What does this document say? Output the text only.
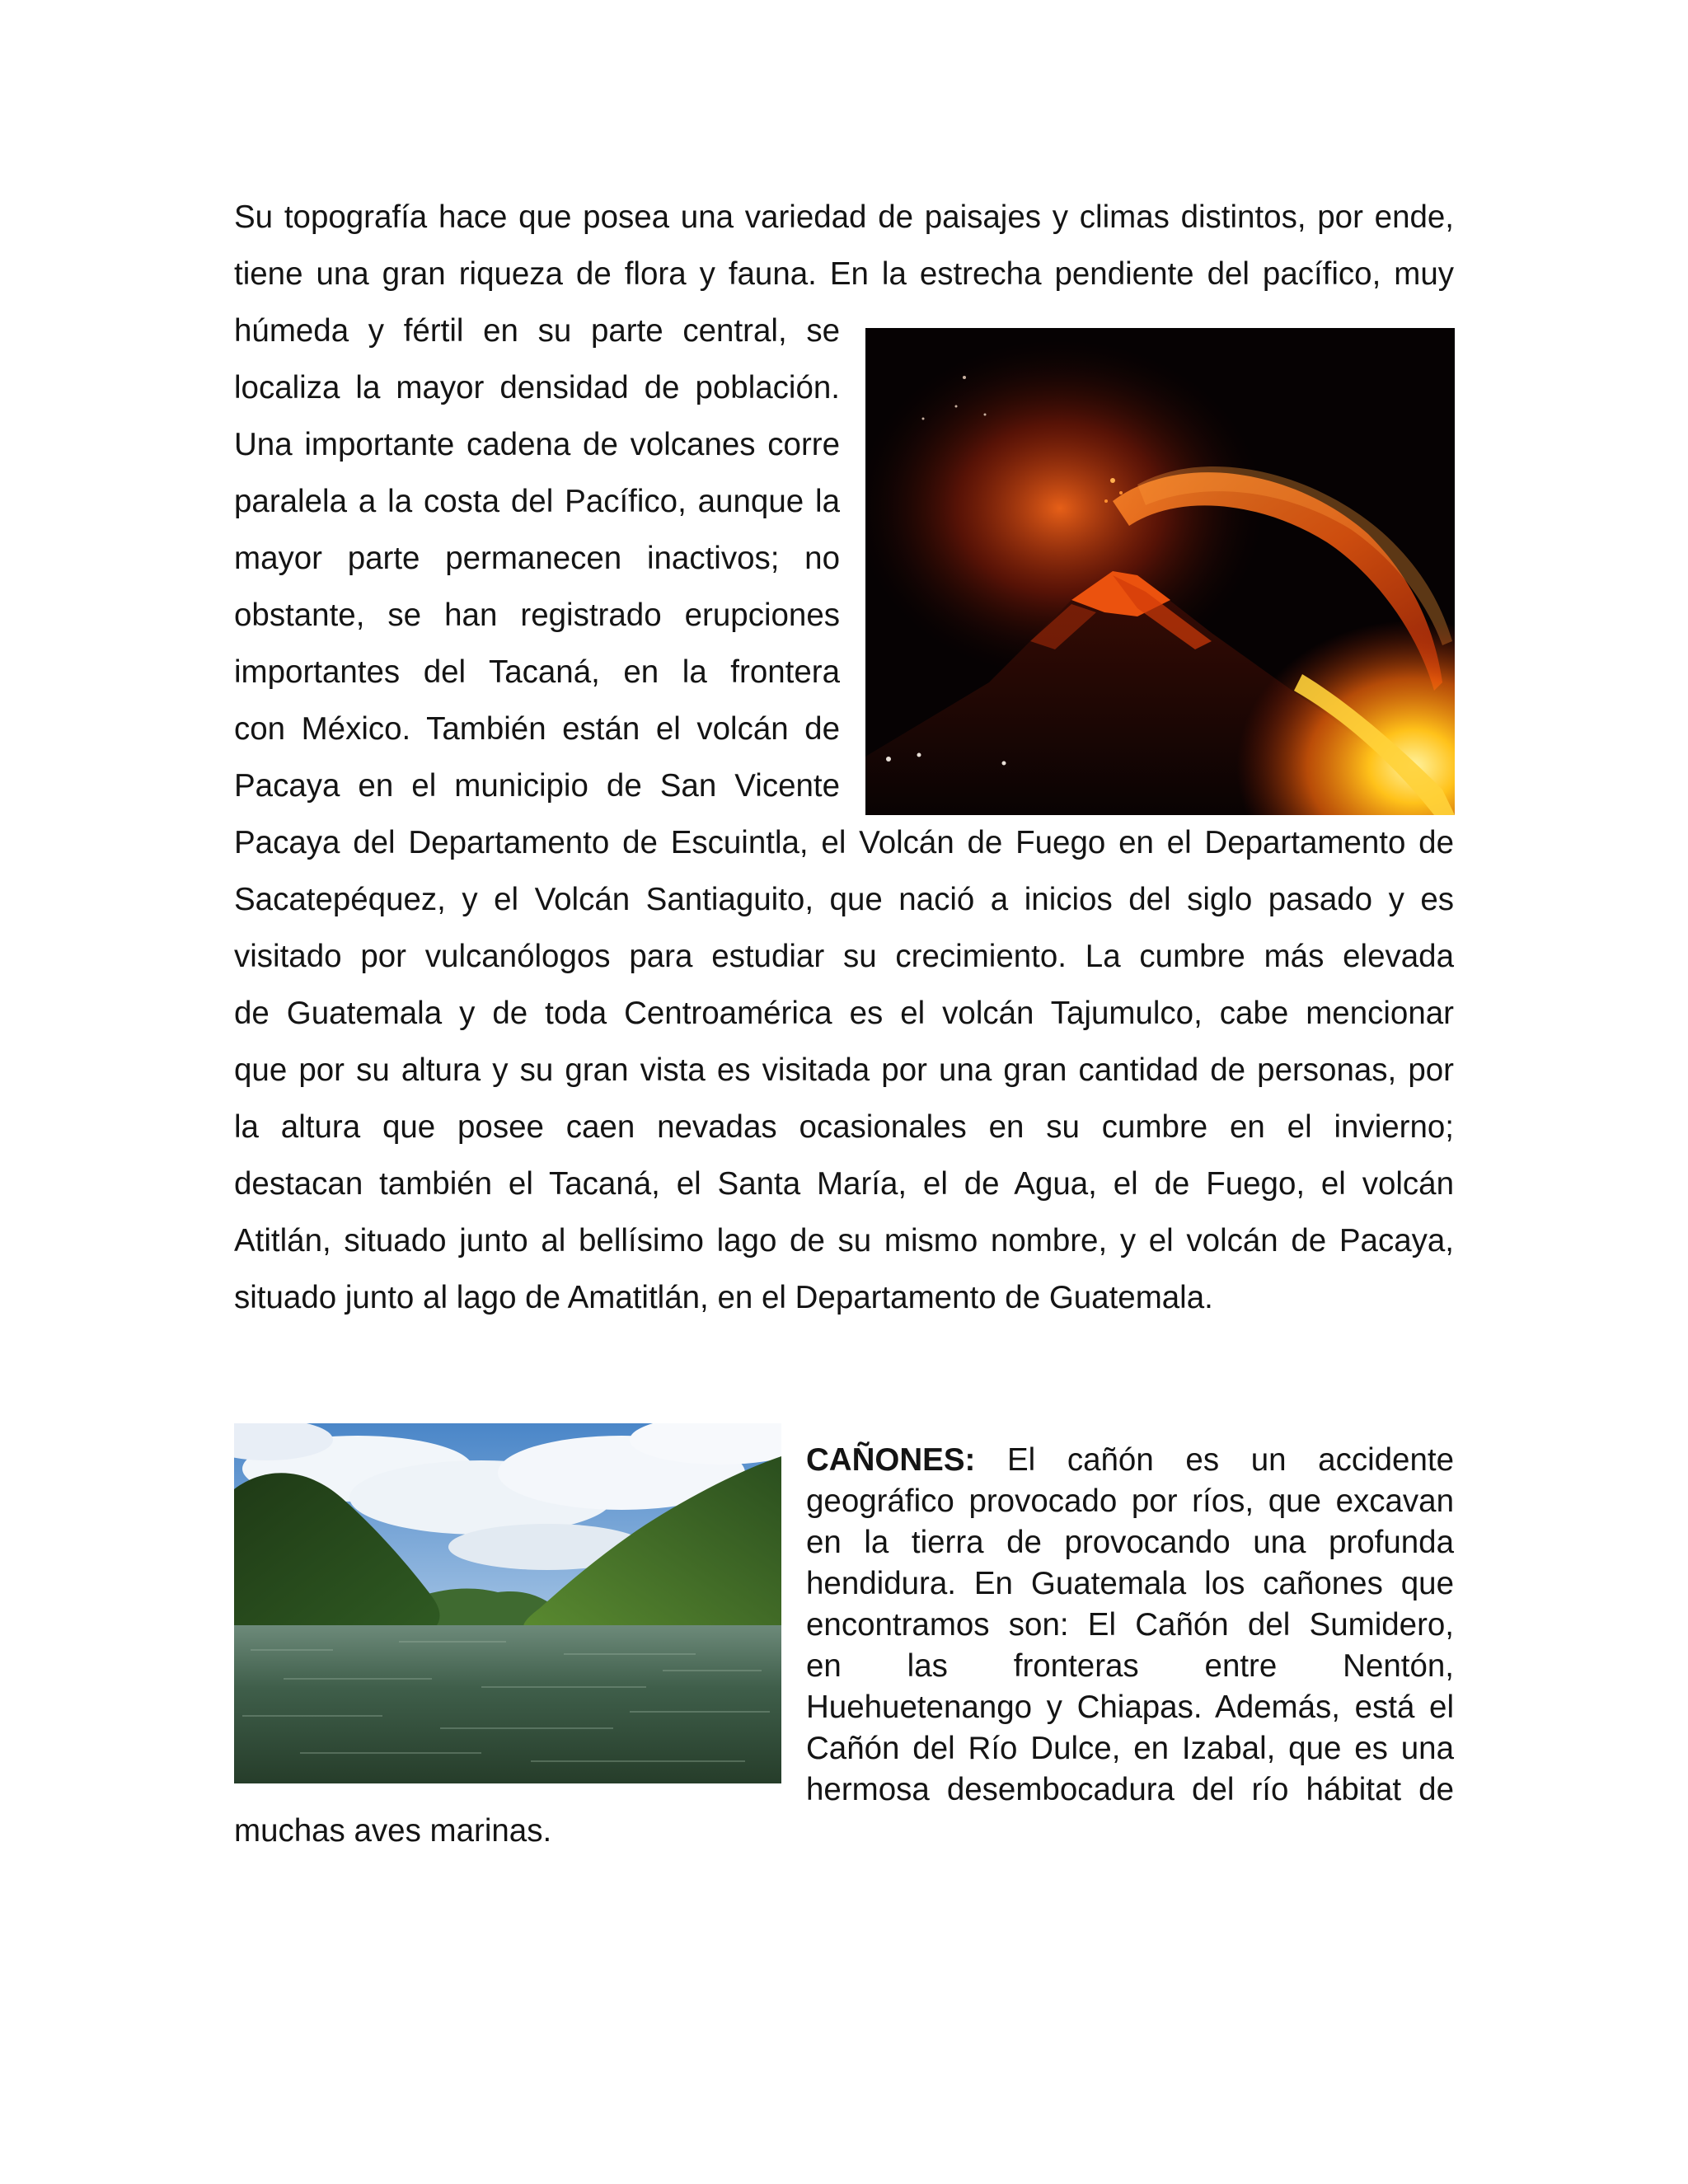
Su topografía hace que posea una variedad de paisajes y climas distintos, por ende,
tiene una gran riqueza de flora y fauna. En la estrecha pendiente del pacífico, muy
húmeda y fértil en su parte central, se
localiza la mayor densidad de población.
Una importante cadena de volcanes corre
paralela a la costa del Pacífico, aunque la
mayor parte permanecen inactivos; no
obstante, se han registrado erupciones
importantes del Tacaná, en la frontera
con México. También están el volcán de
Pacaya en el municipio de San Vicente
Pacaya del Departamento de Escuintla, el Volcán de Fuego en el Departamento de
Sacatepéquez, y el Volcán Santiaguito, que nació a inicios del siglo pasado y es
visitado por vulcanólogos para estudiar su crecimiento. La cumbre más elevada
de Guatemala y de toda Centroamérica es el volcán Tajumulco, cabe mencionar
que por su altura y su gran vista es visitada por una gran cantidad de personas, por
la altura que posee caen nevadas ocasionales en su cumbre en el invierno;
destacan también el Tacaná, el Santa María, el de Agua, el de Fuego, el volcán
Atitlán, situado junto al bellísimo lago de su mismo nombre, y el volcán de Pacaya,
situado junto al lago de Amatitlán, en el Departamento de Guatemala.
CAÑONES: El cañón es un accidente
geográfico provocado por ríos, que excavan
en la tierra de provocando una profunda
hendidura. En Guatemala los cañones que
encontramos son: El Cañón del Sumidero,
en las fronteras entre Nentón,
Huehuetenango y Chiapas. Además, está el
Cañón del Río Dulce, en Izabal, que es una
hermosa desembocadura del río hábitat de
muchas aves marinas.
